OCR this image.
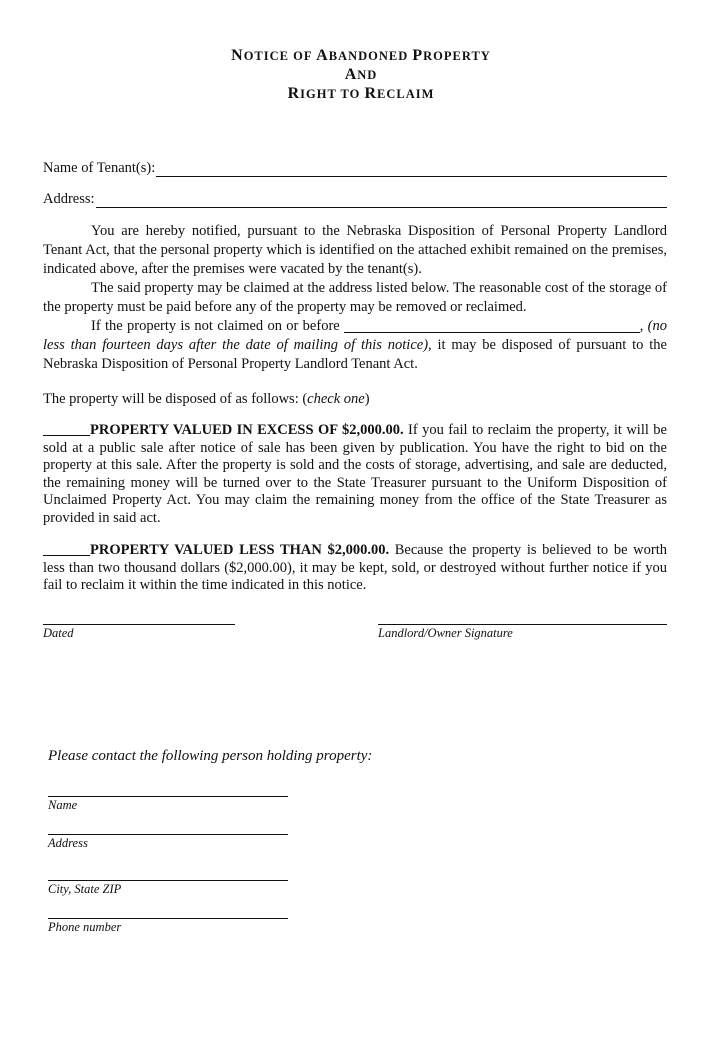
NOTICE OF ABANDONED PROPERTY
AND
RIGHT TO RECLAIM
Name of Tenant(s):
Address:
You are hereby notified, pursuant to the Nebraska Disposition of Personal Property Landlord Tenant Act, that the personal property which is identified on the attached exhibit remained on the premises, indicated above, after the premises were vacated by the tenant(s).
The said property may be claimed at the address listed below. The reasonable cost of the storage of the property must be paid before any of the property may be removed or reclaimed.
If the property is not claimed on or before	, (no less than fourteen days after the date of mailing of this notice), it may be disposed of pursuant to the Nebraska Disposition of Personal Property Landlord Tenant Act.
The property will be disposed of as follows: (check one)
PROPERTY VALUED IN EXCESS OF $2,000.00. If you fail to reclaim the property, it will be sold at a public sale after notice of sale has been given by publication. You have the right to bid on the property at this sale. After the property is sold and the costs of storage, advertising, and sale are deducted, the remaining money will be turned over to the State Treasurer pursuant to the Uniform Disposition of Unclaimed Property Act. You may claim the remaining money from the office of the State Treasurer as provided in said act.
PROPERTY VALUED LESS THAN $2,000.00. Because the property is believed to be worth less than two thousand dollars ($2,000.00), it may be kept, sold, or destroyed without further notice if you fail to reclaim it within the time indicated in this notice.
Dated	Landlord/Owner Signature
Please contact the following person holding property:
Name
Address
City, State ZIP
Phone number
